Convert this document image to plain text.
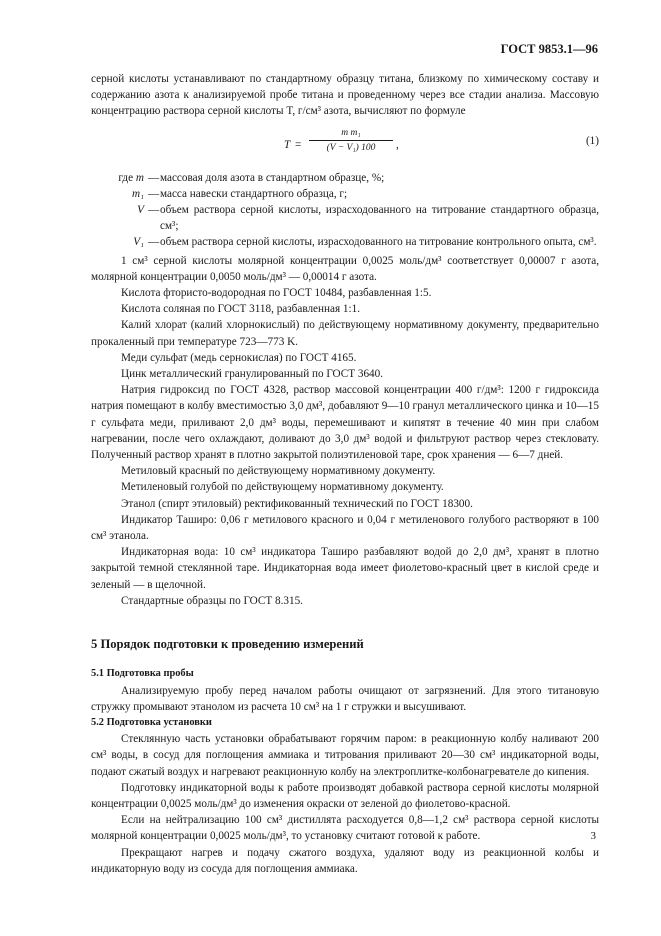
ГОСТ 9853.1—96

серной кислоты устанавливают по стандартному образцу титана, близкому по химическому составу и содержанию азота к анализируемой пробе титана и проведенному через все стадии анализа. Массовую концентрацию раствора серной кислоты T, г/см³ азота, вычисляют по формуле

$T = \frac{\text{m m₁}}{\text{(V − V₁) 100}}$ ,	(1)
где m — массовая доля азота в стандартном образце, %;
m₁ — масса навески стандартного образца, г;
V — объем раствора серной кислоты, израсходованного на титрование стандартного образца, см³;
V₁ — объем раствора серной кислоты, израсходованного на титрование контрольного опыта, см³.

1 см³ серной кислоты молярной концентрации 0,0025 моль/дм³ соответствует 0,00007 г азота, молярной концентрации 0,0050 моль/дм³ — 0,00014 г азота.

Кислота фтористо-водородная по ГОСТ 10484, разбавленная 1:5.

Кислота соляная по ГОСТ 3118, разбавленная 1:1.

Калий хлорат (калий хлорнокислый) по действующему нормативному документу, предварительно прокаленный при температуре 723—773 K.

Меди сульфат (медь сернокислая) по ГОСТ 4165.

Цинк металлический гранулированный по ГОСТ 3640.

Натрия гидроксид по ГОСТ 4328, раствор массовой концентрации 400 г/дм³: 1200 г гидроксида натрия помещают в колбу вместимостью 3,0 дм³, добавляют 9—10 гранул металлического цинка и 10—15 г сульфата меди, приливают 2,0 дм³ воды, перемешивают и кипятят в течение 40 мин при слабом нагревании, после чего охлаждают, доливают до 3,0 дм³ водой и фильтруют раствор через стекловату. Полученный раствор хранят в плотно закрытой полиэтиленовой таре, срок хранения — 6—7 дней.

Метиловый красный по действующему нормативному документу.

Метиленовый голубой по действующему нормативному документу.

Этанол (спирт этиловый) ректификованный технический по ГОСТ 18300.

Индикатор Таширо: 0,06 г метилового красного и 0,04 г метиленового голубого растворяют в 100 см³ этанола.

Индикаторная вода: 10 см³ индикатора Таширо разбавляют водой до 2,0 дм³, хранят в плотно закрытой темной стеклянной таре. Индикаторная вода имеет фиолетово-красный цвет в кислой среде и зеленый — в щелочной.

Стандартные образцы по ГОСТ 8.315.

5 Порядок подготовки к проведению измерений

5.1 Подготовка пробы

Анализируемую пробу перед началом работы очищают от загрязнений. Для этого титановую стружку промывают этанолом из расчета 10 см³ на 1 г стружки и высушивают.

5.2 Подготовка установки

Стеклянную часть установки обрабатывают горячим паром: в реакционную колбу наливают 200 см³ воды, в сосуд для поглощения аммиака и титрования приливают 20—30 см³ индикаторной воды, подают сжатый воздух и нагревают реакционную колбу на электроплитке-колбонагревателе до кипения.

Подготовку индикаторной воды к работе производят добавкой раствора серной кислоты молярной концентрации 0,0025 моль/дм³ до изменения окраски от зеленой до фиолетово-красной.

Если на нейтрализацию 100 см³ дистиллята расходуется 0,8—1,2 см³ раствора серной кислоты молярной концентрации 0,0025 моль/дм³, то установку считают готовой к работе.

Прекращают нагрев и подачу сжатого воздуха, удаляют воду из реакционной колбы и индикаторную воду из сосуда для поглощения аммиака.

3
